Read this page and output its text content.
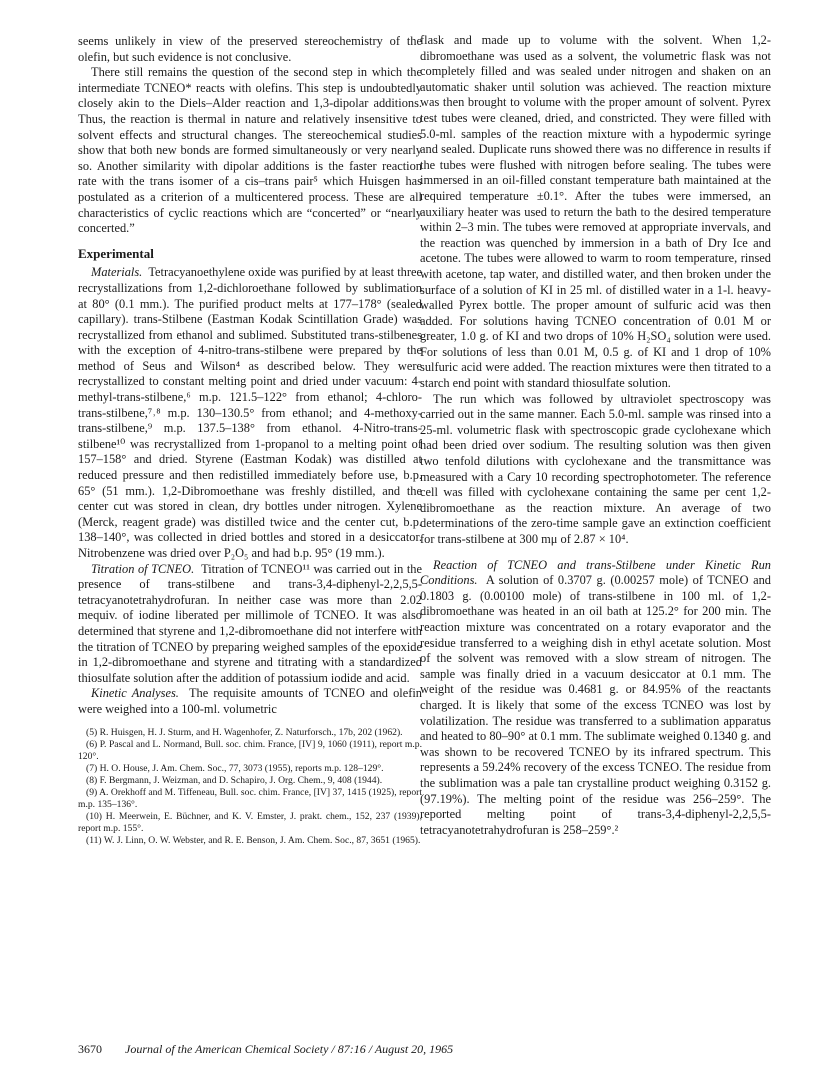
seems unlikely in view of the preserved stereochemistry of the olefin, but such evidence is not conclusive.

There still remains the question of the second step in which the intermediate TCNEO* reacts with olefins. This step is undoubtedly closely akin to the Diels–Alder reaction and 1,3-dipolar additions. Thus, the reaction is thermal in nature and relatively insensitive to solvent effects and structural changes. The stereochemical studies show that both new bonds are formed simultaneously or very nearly so. Another similarity with dipolar additions is the faster reaction rate with the trans isomer of a cis–trans pair⁵ which Huisgen has postulated as a criterion of a multicentered process. These are all characteristics of cyclic reactions which are “concerted” or “nearly concerted.”

Experimental

Materials. Tetracyanoethylene oxide was purified by at least three recrystallizations from 1,2-dichloroethane followed by sublimation at 80° (0.1 mm.). The purified product melts at 177–178° (sealed capillary). trans-Stilbene (Eastman Kodak Scintillation Grade) was recrystallized from ethanol and sublimed. Substituted trans-stilbenes with the exception of 4-nitro-trans-stilbene were prepared by the method of Seus and Wilson⁴ as described below. They were recrystallized to constant melting point and dried under vacuum: 4-methyl-trans-stilbene,⁶ m.p. 121.5–122° from ethanol; 4-chloro-trans-stilbene,⁷˒⁸ m.p. 130–130.5° from ethanol; and 4-methoxy-trans-stilbene,⁹ m.p. 137.5–138° from ethanol. 4-Nitro-trans-stilbene¹⁰ was recrystallized from 1-propanol to a melting point of 157–158° and dried. Styrene (Eastman Kodak) was distilled at reduced pressure and then redistilled immediately before use, b.p. 65° (51 mm.). 1,2-Dibromoethane was freshly distilled, and the center cut was stored in clean, dry bottles under nitrogen. Xylene (Merck, reagent grade) was distilled twice and the center cut, b.p. 138–140°, was collected in dried bottles and stored in a desiccator. Nitrobenzene was dried over P₂O₅ and had b.p. 95° (19 mm.).

Titration of TCNEO. Titration of TCNEO¹¹ was carried out in the presence of trans-stilbene and trans-3,4-diphenyl-2,2,5,5-tetracyanotetrahydrofuran. In neither case was more than 2.02 mequiv. of iodine liberated per millimole of TCNEO. It was also determined that styrene and 1,2-dibromoethane did not interfere with the titration of TCNEO by preparing weighed samples of the epoxide in 1,2-dibromoethane and styrene and titrating with a standardized thiosulfate solution after the addition of potassium iodide and acid.

Kinetic Analyses. The requisite amounts of TCNEO and olefin were weighed into a 100-ml. volumetric

(5) R. Huisgen, H. J. Sturm, and H. Wagenhofer, Z. Naturforsch., 17b, 202 (1962).

(6) P. Pascal and L. Normand, Bull. soc. chim. France, [IV] 9, 1060 (1911), report m.p. 120°.

(7) H. O. House, J. Am. Chem. Soc., 77, 3073 (1955), reports m.p. 128–129°.

(8) F. Bergmann, J. Weizman, and D. Schapiro, J. Org. Chem., 9, 408 (1944).

(9) A. Orekhoff and M. Tiffeneau, Bull. soc. chim. France, [IV] 37, 1415 (1925), report m.p. 135–136°.

(10) H. Meerwein, E. Büchner, and K. V. Emster, J. prakt. chem., 152, 237 (1939), report m.p. 155°.

(11) W. J. Linn, O. W. Webster, and R. E. Benson, J. Am. Chem. Soc., 87, 3651 (1965).

flask and made up to volume with the solvent. When 1,2-dibromoethane was used as a solvent, the volumetric flask was not completely filled and was sealed under nitrogen and shaken on an automatic shaker until solution was achieved. The reaction mixture was then brought to volume with the proper amount of solvent. Pyrex test tubes were cleaned, dried, and constricted. They were filled with 5.0-ml. samples of the reaction mixture with a hypodermic syringe and sealed. Duplicate runs showed there was no difference in results if the tubes were flushed with nitrogen before sealing. The tubes were immersed in an oil-filled constant temperature bath maintained at the required temperature ±0.1°. After the tubes were immersed, an auxiliary heater was used to return the bath to the desired temperature within 2–3 min. The tubes were removed at appropriate invervals, and the reaction was quenched by immersion in a bath of Dry Ice and acetone. The tubes were allowed to warm to room temperature, rinsed with acetone, tap water, and distilled water, and then broken under the surface of a solution of KI in 25 ml. of distilled water in a 1-l. heavy-walled Pyrex bottle. The proper amount of sulfuric acid was then added. For solutions having TCNEO concentration of 0.01 M or greater, 1.0 g. of KI and two drops of 10% H₂SO₄ solution were used. For solutions of less than 0.01 M, 0.5 g. of KI and 1 drop of 10% sulfuric acid were added. The reaction mixtures were then titrated to a starch end point with standard thiosulfate solution.

The run which was followed by ultraviolet spectroscopy was carried out in the same manner. Each 5.0-ml. sample was rinsed into a 25-ml. volumetric flask with spectroscopic grade cyclohexane which had been dried over sodium. The resulting solution was then given two tenfold dilutions with cyclohexane and the transmittance was measured with a Cary 10 recording spectrophotometer. The reference cell was filled with cyclohexane containing the same per cent 1,2-dibromoethane as the reaction mixture. An average of two determinations of the zero-time sample gave an extinction coefficient for trans-stilbene at 300 mμ of 2.87 × 10⁴.

Reaction of TCNEO and trans-Stilbene under Kinetic Run Conditions. A solution of 0.3707 g. (0.00257 mole) of TCNEO and 0.1803 g. (0.00100 mole) of trans-stilbene in 100 ml. of 1,2-dibromoethane was heated in an oil bath at 125.2° for 200 min. The reaction mixture was concentrated on a rotary evaporator and the residue transferred to a weighing dish in ethyl acetate solution. Most of the solvent was removed with a slow stream of nitrogen. The sample was finally dried in a vacuum desiccator at 0.1 mm. The weight of the residue was 0.4681 g. or 84.95% of the reactants charged. It is likely that some of the excess TCNEO was lost by volatilization. The residue was transferred to a sublimation apparatus and heated to 80–90° at 0.1 mm. The sublimate weighed 0.1340 g. and was shown to be recovered TCNEO by its infrared spectrum. This represents a 59.24% recovery of the excess TCNEO. The residue from the sublimation was a pale tan crystalline product weighing 0.3152 g. (97.19%). The melting point of the residue was 256–259°. The reported melting point of trans-3,4-diphenyl-2,2,5,5-tetracyanotetrahydrofuran is 258–259°.²

3670 Journal of the American Chemical Society / 87:16 / August 20, 1965
